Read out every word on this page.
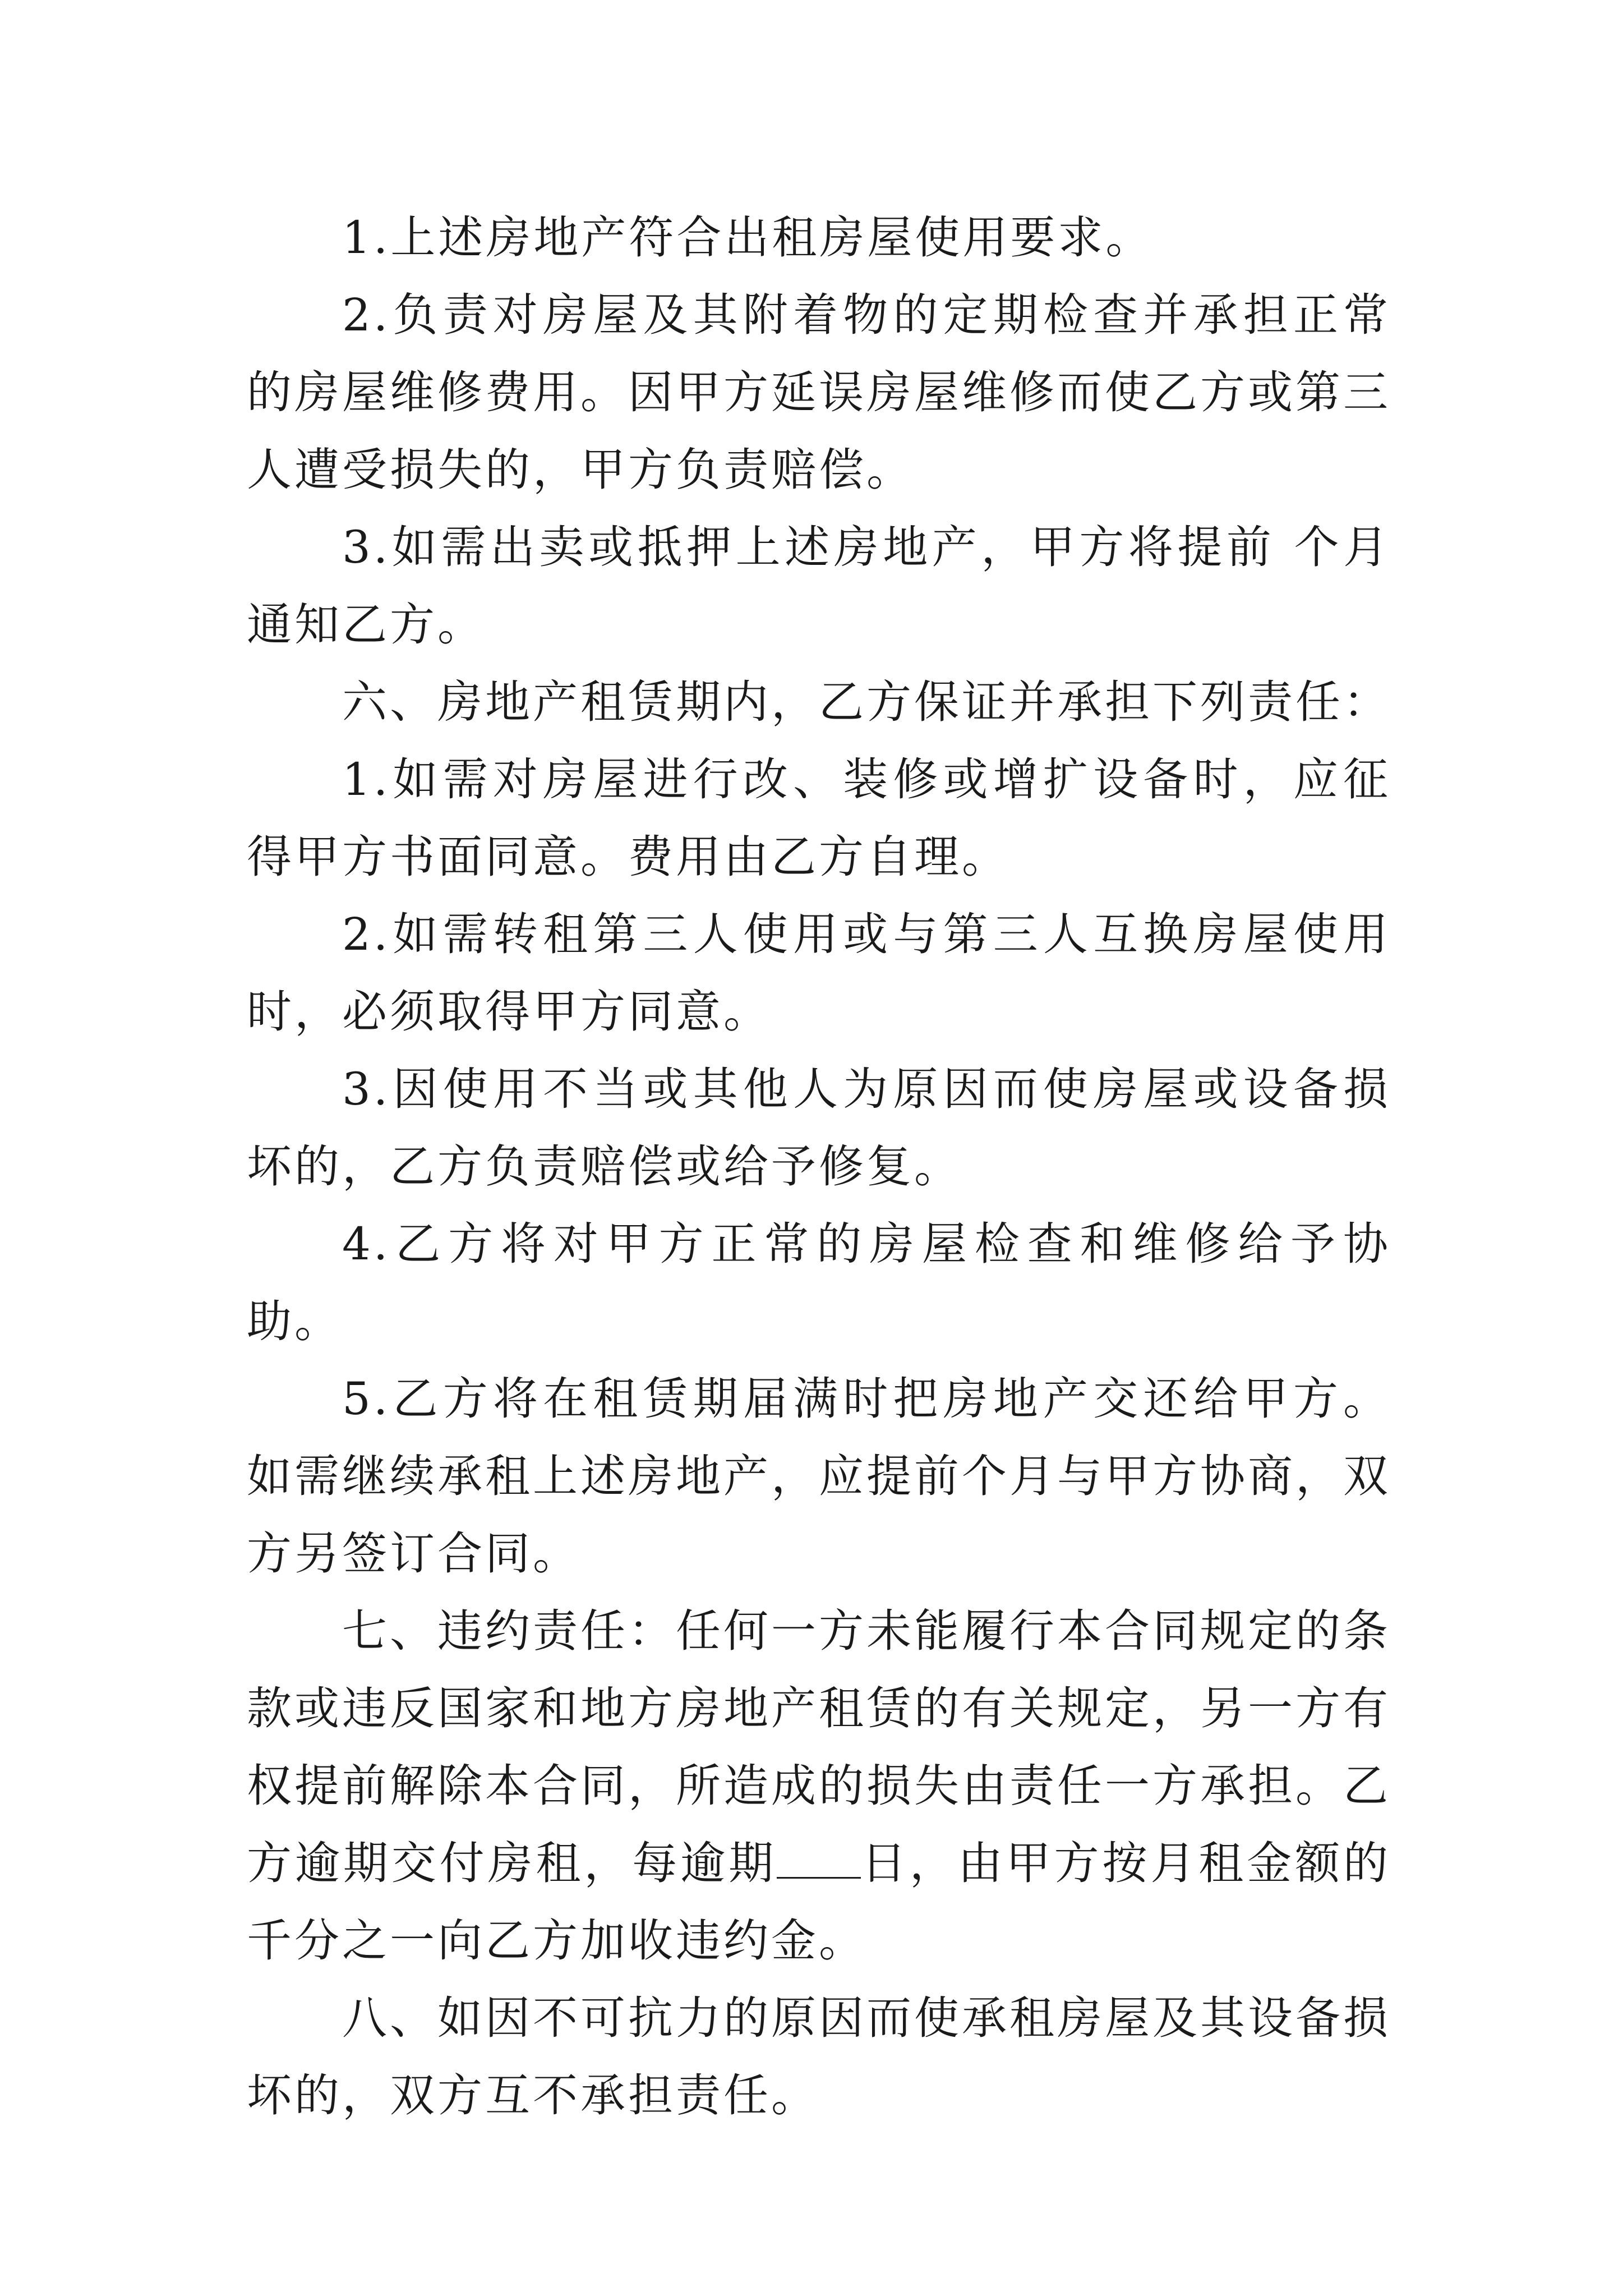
1.上述房地产符合出租房屋使用要求。

2.负责对房屋及其附着物的定期检查并承担正常的房屋维修费用。因甲方延误房屋维修而使乙方或第三人遭受损失的，甲方负责赔偿。

3.如需出卖或抵押上述房地产，甲方将提前 个月通知乙方。

六、房地产租赁期内，乙方保证并承担下列责任：

1.如需对房屋进行改、装修或增扩设备时，应征得甲方书面同意。费用由乙方自理。

2.如需转租第三人使用或与第三人互换房屋使用时，必须取得甲方同意。

3.因使用不当或其他人为原因而使房屋或设备损坏的，乙方负责赔偿或给予修复。

4.乙方将对甲方正常的房屋检查和维修给予协助。

5.乙方将在租赁期届满时把房地产交还给甲方。如需继续承租上述房地产，应提前个月与甲方协商，双方另签订合同。

七、违约责任：任何一方未能履行本合同规定的条款或违反国家和地方房地产租赁的有关规定，另一方有权提前解除本合同，所造成的损失由责任一方承担。乙方逾期交付房租，每逾期 日，由甲方按月租金额的千分之一向乙方加收违约金。

八、如因不可抗力的原因而使承租房屋及其设备损坏的，双方互不承担责任。
